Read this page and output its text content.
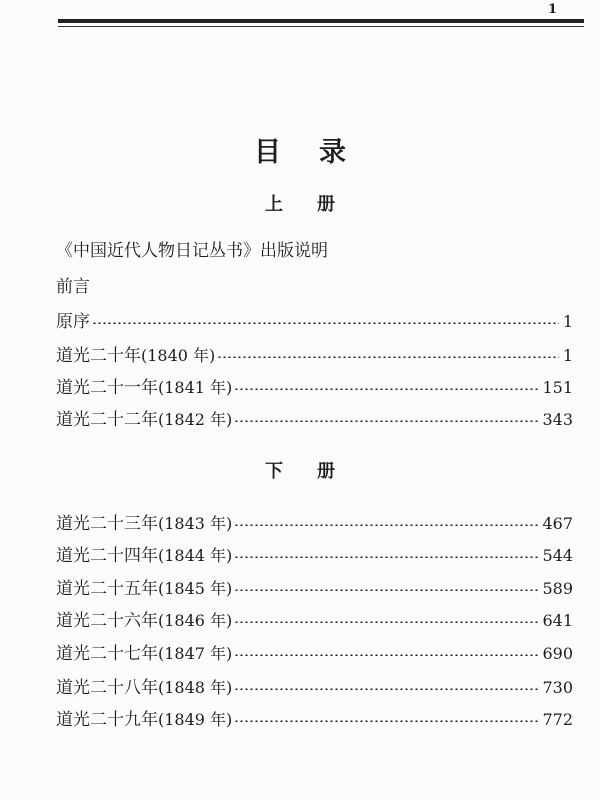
1
目录
上册
《中国近代人物日记丛书》出版说明
前言
原序	1
道光二十年 (1840 年)	1
道光二十一年 (1841 年)	151
道光二十二年 (1842 年)	343
下册
道光二十三年 (1843 年)	467
道光二十四年 (1844 年)	544
道光二十五年 (1845 年)	589
道光二十六年 (1846 年)	641
道光二十七年 (1847 年)	690
道光二十八年 (1848 年)	730
道光二十九年 (1849 年)	772
